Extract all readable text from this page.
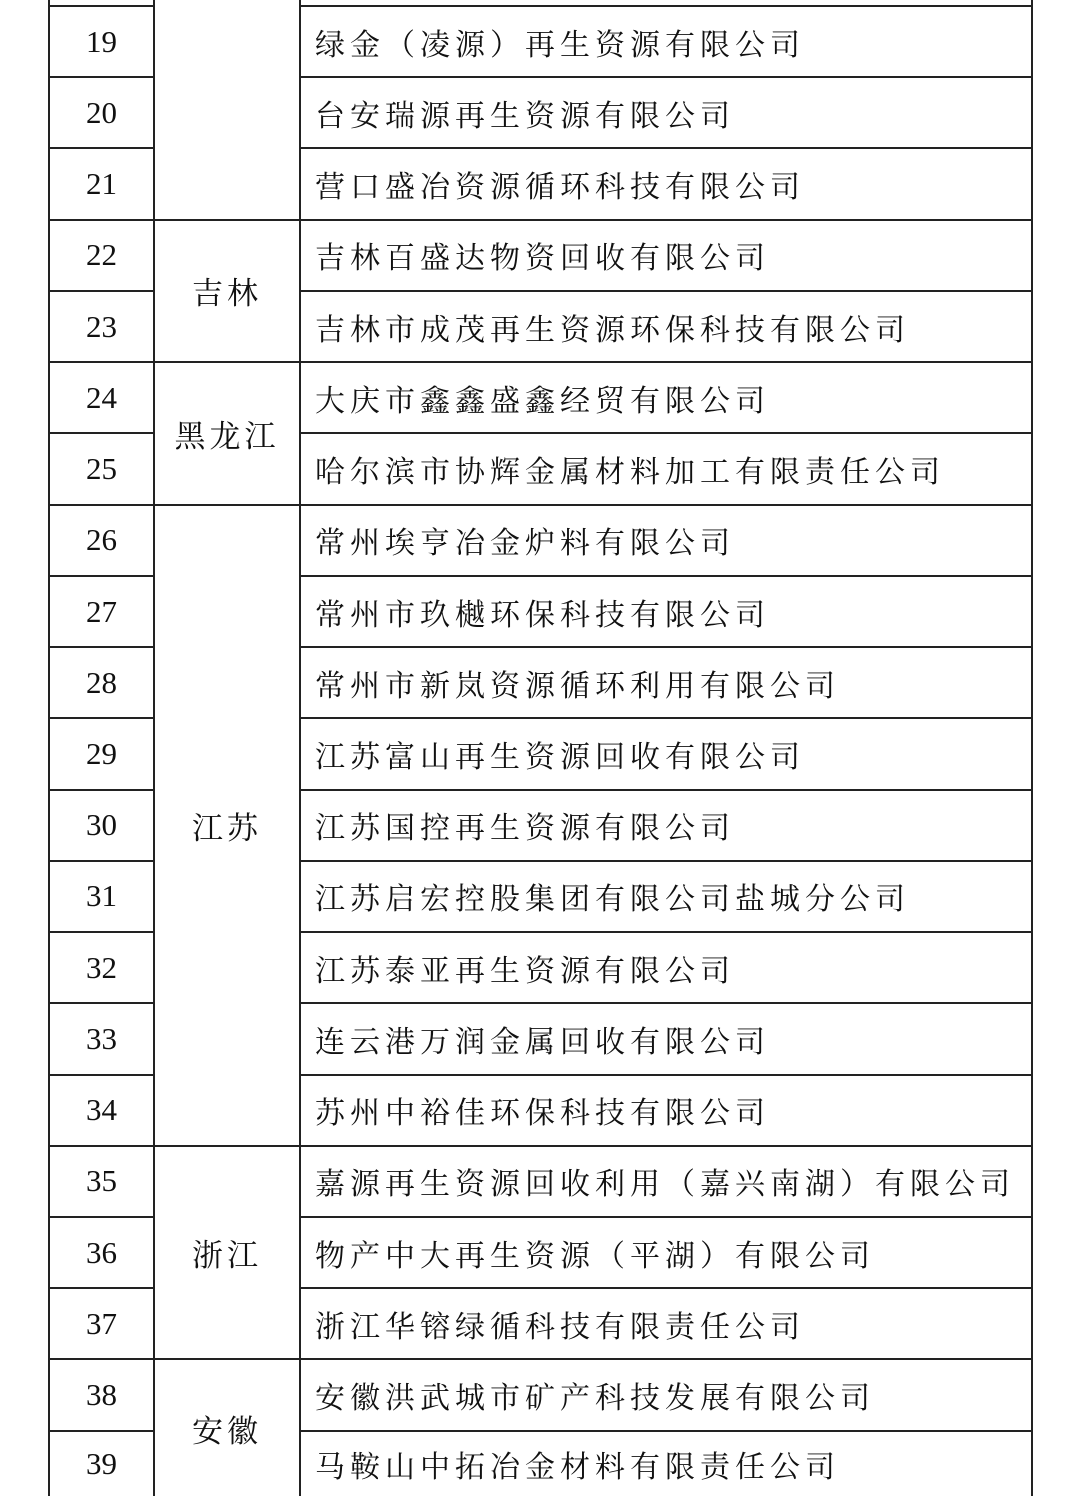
19		绿金（凌源）再生资源有限公司
20		台安瑞源再生资源有限公司
21		营口盛冶资源循环科技有限公司
22	吉林		吉林百盛达物资回收有限公司
23		吉林市成茂再生资源环保科技有限公司
24	黑龙江		大庆市鑫鑫盛鑫经贸有限公司
25		哈尔滨市协辉金属材料加工有限责任公司
26	江苏		常州埃亨冶金炉料有限公司
27		常州市玖樾环保科技有限公司
28		常州市新岚资源循环利用有限公司
29		江苏富山再生资源回收有限公司
30		江苏国控再生资源有限公司
31		江苏启宏控股集团有限公司盐城分公司
32		江苏泰亚再生资源有限公司
33		连云港万润金属回收有限公司
34		苏州中裕佳环保科技有限公司
35	浙江		嘉源再生资源回收利用（嘉兴南湖）有限公司
36		物产中大再生资源（平湖）有限公司
37		浙江华镕绿循科技有限责任公司
38	安徽		安徽洪武城市矿产科技发展有限公司
39		马鞍山中拓冶金材料有限责任公司
